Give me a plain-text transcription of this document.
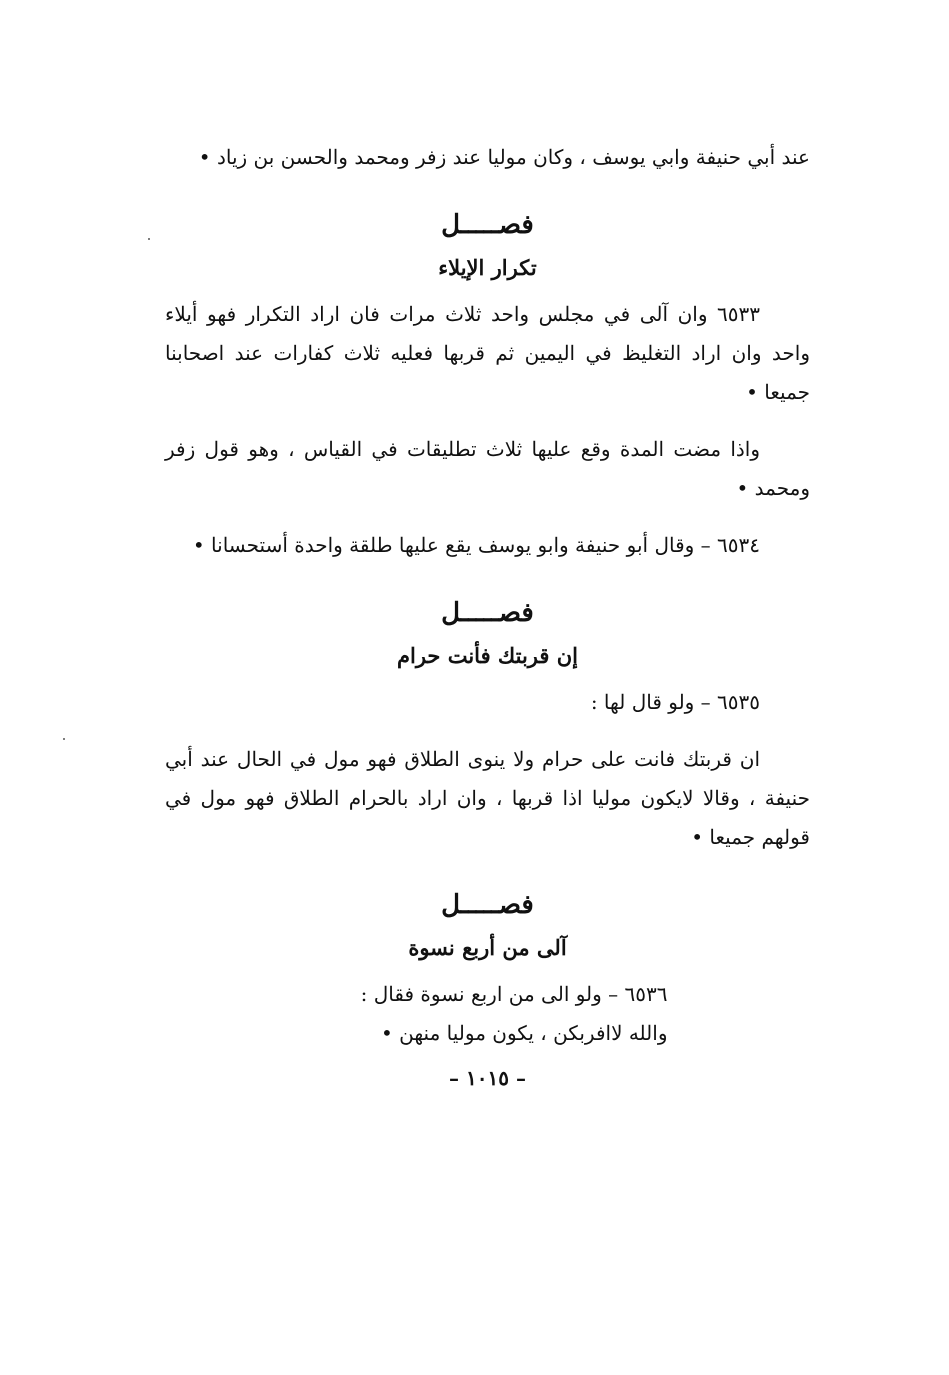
عند أبي حنيفة وابي يوسف ، وكان موليا عند زفر ومحمد والحسن بن زياد •

فصـــــل
تكرار الإيلاء

٦٥٣٣ وان آلى في مجلس واحد ثلاث مرات فان اراد التكرار فهو أيلاء واحد وان اراد التغليظ في اليمين ثم قربها فعليه ثلاث كفارات عند اصحابنا جميعا •

واذا مضت المدة وقع عليها ثلاث تطليقات في القياس ، وهو قول زفر ومحمد •

٦٥٣٤ – وقال أبو حنيفة وابو يوسف يقع عليها طلقة واحدة أستحسانا •

فصـــــل
إن قربتك فأنت حرام

٦٥٣٥ – ولو قال لها :

ان قربتك فانت على حرام ولا ينوى الطلاق فهو مول في الحال عند أبي حنيفة ، وقالا لايكون موليا اذا قربها ، وان اراد بالحرام الطلاق فهو مول في قولهم جميعا •

فصـــــل
آلى من أربع نسوة

٦٥٣٦ – ولو الى من اربع نسوة فقال :

والله لاافربكن ، يكون موليا منهن •

– ١٠١٥ –
